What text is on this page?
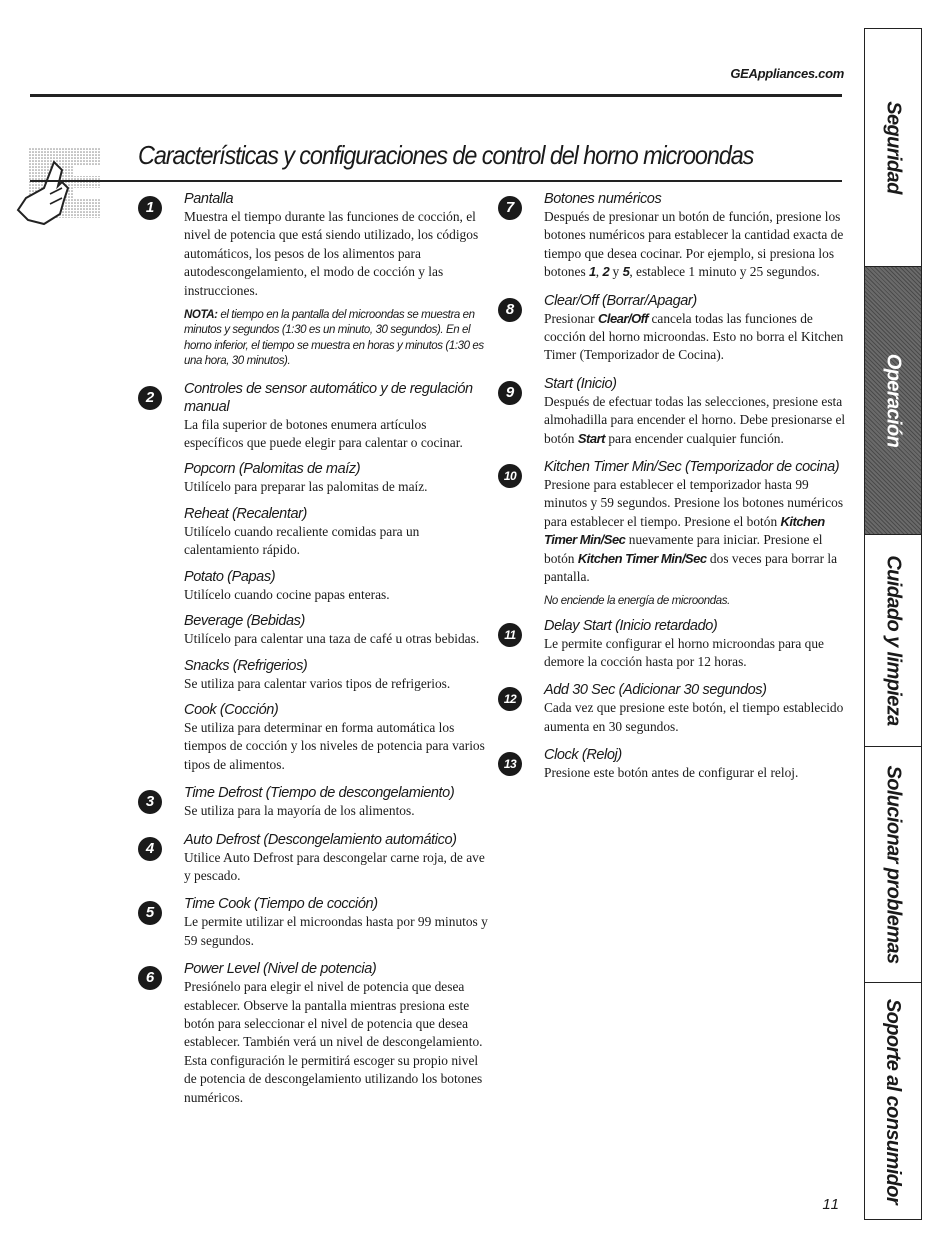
GEAppliances.com
Características y configuraciones de control del horno microondas
1	Pantalla
Muestra el tiempo durante las funciones de cocción, el nivel de potencia que está siendo utilizado, los códigos automáticos, los pesos de los alimentos para autodescongelamiento, el modo de cocción y las instrucciones.
NOTA: el tiempo en la pantalla del microondas se muestra en minutos y segundos (1:30 es un minuto, 30 segundos). En el horno inferior, el tiempo se muestra en horas y minutos (1:30 es una hora, 30 minutos).
2	Controles de sensor automático y de regulación manual
La fila superior de botones enumera artículos específicos que puede elegir para calentar o cocinar.
Popcorn (Palomitas de maíz)
Utilícelo para preparar las palomitas de maíz.
Reheat (Recalentar)
Utilícelo cuando recaliente comidas para un calentamiento rápido.
Potato (Papas)
Utilícelo cuando cocine papas enteras.
Beverage (Bebidas)
Utilícelo para calentar una taza de café u otras bebidas.
Snacks (Refrigerios)
Se utiliza para calentar varios tipos de refrigerios.
Cook (Cocción)
Se utiliza para determinar en forma automática los tiempos de cocción y los niveles de potencia para varios tipos de alimentos.
3	Time Defrost (Tiempo de descongelamiento)
Se utiliza para la mayoría de los alimentos.
4	Auto Defrost (Descongelamiento automático)
Utilice Auto Defrost para descongelar carne roja, de ave y pescado.
5	Time Cook (Tiempo de cocción)
Le permite utilizar el microondas hasta por 99 minutos y 59 segundos.
6	Power Level (Nivel de potencia)
Presiónelo para elegir el nivel de potencia que desea establecer. Observe la pantalla mientras presiona este botón para seleccionar el nivel de potencia que desea establecer. También verá un nivel de descongelamiento. Esta configuración le permitirá escoger su propio nivel de potencia de descongelamiento utilizando los botones numéricos.
7	Botones numéricos
Después de presionar un botón de función, presione los botones numéricos para establecer la cantidad exacta de tiempo que desea cocinar. Por ejemplo, si presiona los botones 1, 2 y 5, establece 1 minuto y 25 segundos.
8	Clear/Off (Borrar/Apagar)
Presionar Clear/Off cancela todas las funciones de cocción del horno microondas. Esto no borra el Kitchen Timer (Temporizador de Cocina).
9	Start (Inicio)
Después de efectuar todas las selecciones, presione esta almohadilla para encender el horno. Debe presionarse el botón Start para encender cualquier función.
10
Kitchen Timer Min/Sec (Temporizador de cocina)
Presione para establecer el temporizador hasta 99 minutos y 59 segundos. Presione los botones numéricos para establecer el tiempo. Presione el botón Kitchen Timer Min/Sec nuevamente para iniciar. Presione el botón Kitchen Timer Min/Sec dos veces para borrar la pantalla.
No enciende la energía de microondas.
11
Delay Start (Inicio retardado)
Le permite configurar el horno microondas para que demore la cocción hasta por 12 horas.
12
Add 30 Sec (Adicionar 30 segundos)
Cada vez que presione este botón, el tiempo establecido aumenta en 30 segundos.
13
Clock (Reloj)
Presione este botón antes de configurar el reloj.
Seguridad
Operación
Cuidado y limpieza
Solucionar problemas
Soporte al consumidor
11
